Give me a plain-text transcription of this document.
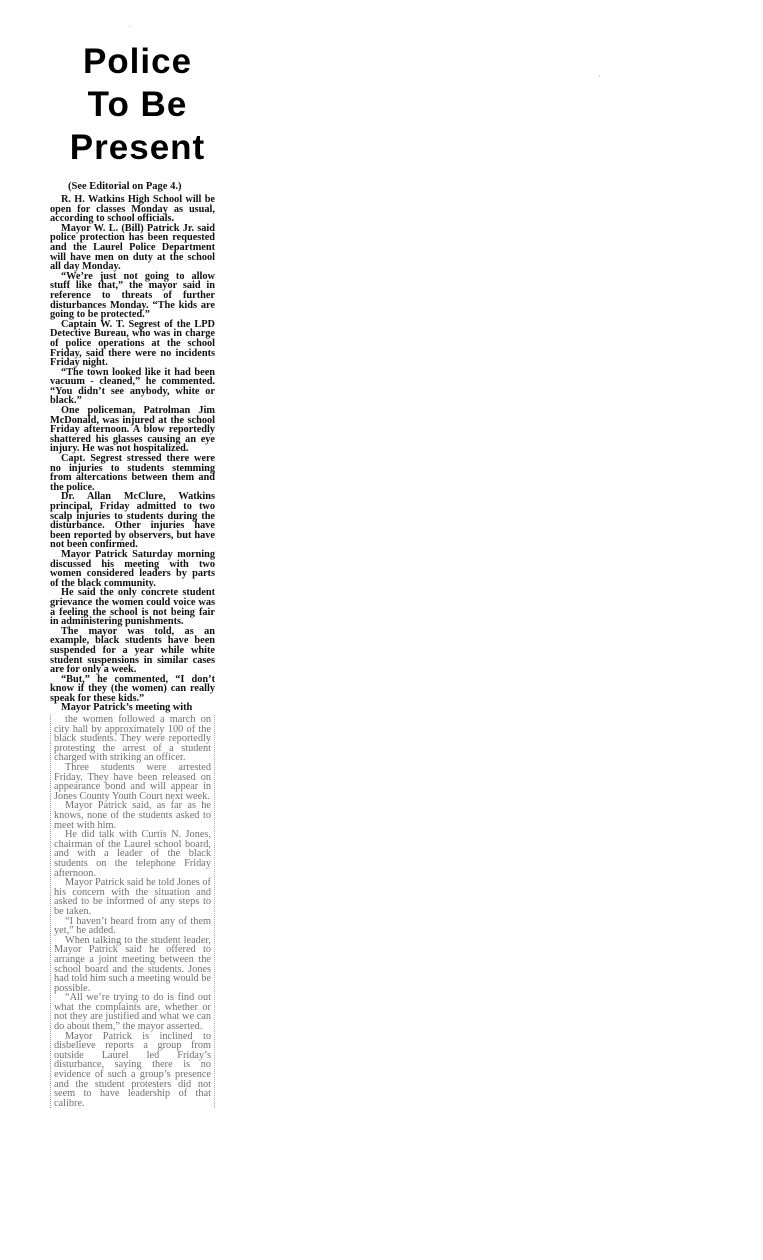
·
·
Police
To Be
Present
(See Editorial on Page 4.)

R. H. Watkins High School will be open for classes Monday as usual, according to school officials.

Mayor W. L. (Bill) Patrick Jr. said police protection has been requested and the Laurel Police Department will have men on duty at the school all day Monday.

“We’re just not going to allow stuff like that,” the mayor said in reference to threats of further disturbances Monday. “The kids are going to be protected.”

Captain W. T. Segrest of the LPD Detective Bureau, who was in charge of police operations at the school Friday, said there were no incidents Friday night.

“The town looked like it had been vacuum - cleaned,” he commented. “You didn’t see anybody, white or black.”

One policeman, Patrolman Jim McDonald, was injured at the school Friday afternoon. A blow reportedly shattered his glasses causing an eye injury. He was not hospitalized.

Capt. Segrest stressed there were no injuries to students stemming from altercations between them and the police.

Dr. Allan McClure, Watkins principal, Friday admitted to two scalp injuries to students during the disturbance. Other injuries have been reported by observers, but have not been confirmed.

Mayor Patrick Saturday morning discussed his meeting with two women considered leaders by parts of the black community.

He said the only concrete student grievance the women could voice was a feeling the school is not being fair in administering punishments.

The mayor was told, as an example, black students have been suspended for a year while white student suspensions in similar cases are for only a week.

“But,” he commented, “I don’t know if they (the women) can really speak for these kids.”

Mayor Patrick’s meeting with

the women followed a march on city hall by approximately 100 of the black students. They were reportedly protesting the arrest of a student charged with striking an officer.

Three students were arrested Friday. They have been released on appearance bond and will appear in Jones County Youth Court next week.

Mayor Patrick said, as far as he knows, none of the students asked to meet with him.

He did talk with Curtis N. Jones, chairman of the Laurel school board, and with a leader of the black students on the telephone Friday afternoon.

Mayor Patrick said he told Jones of his concern with the situation and asked to be informed of any steps to be taken.

“I haven’t heard from any of them yet,” he added.

When talking to the student leader, Mayor Patrick said he offered to arrange a joint meeting between the school board and the students. Jones had told him such a meeting would be possible.

“All we’re trying to do is find out what the complaints are, whether or not they are justified and what we can do about them,” the mayor asserted.

Mayor Patrick is inclined to disbelieve reports a group from outside Laurel led Friday’s disturbance, saying there is no evidence of such a group’s presence and the student protesters did not seem to have leadership of that calibre.
